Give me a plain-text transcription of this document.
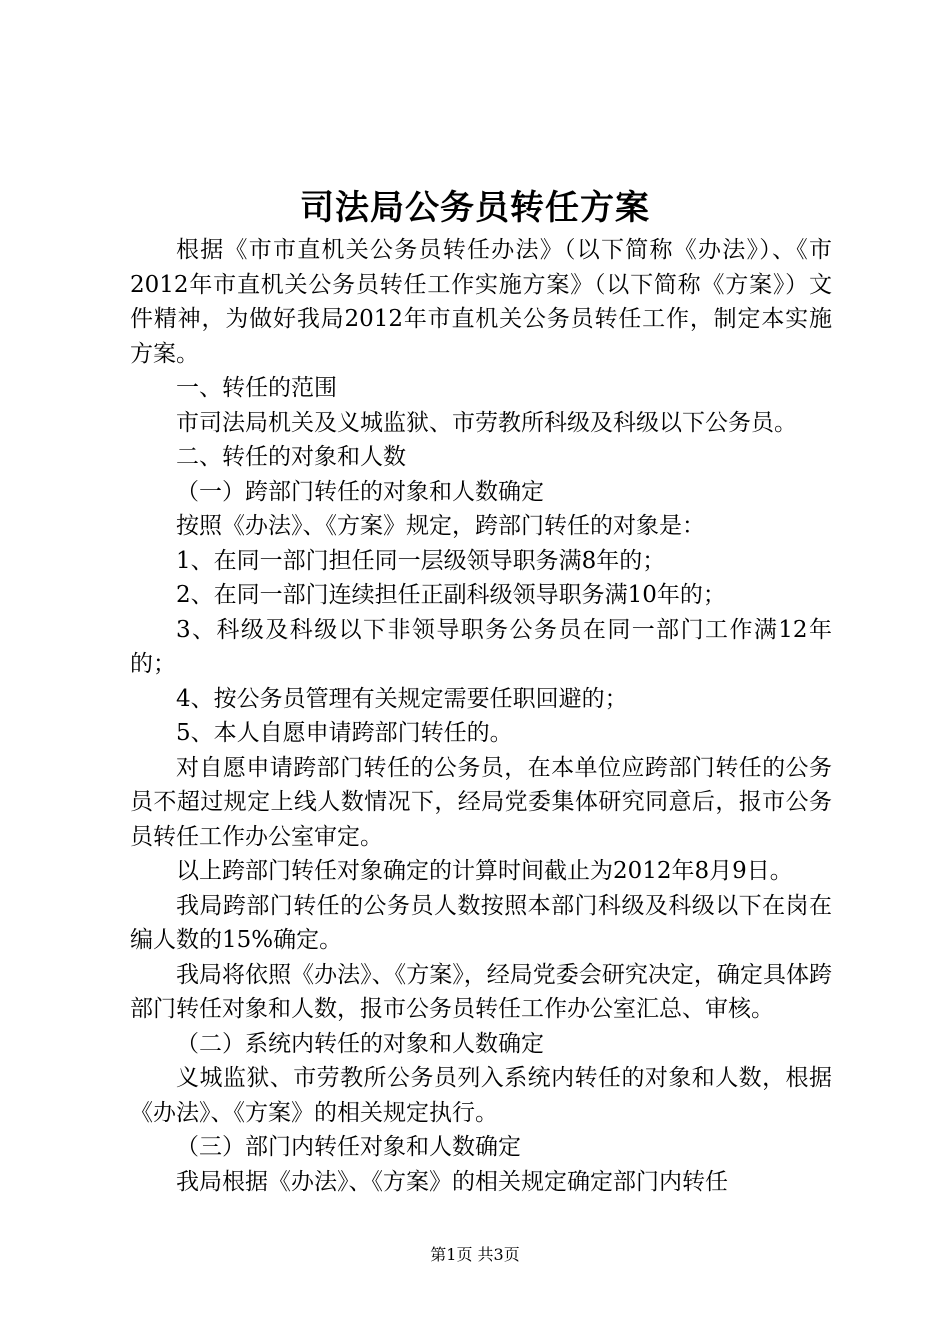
司法局公务员转任方案

根据《市市直机关公务员转任办法》（以下简称《办法》）、《市2012年市直机关公务员转任工作实施方案》（以下简称《方案》）文件精神，为做好我局2012年市直机关公务员转任工作，制定本实施方案。

一、转任的范围

市司法局机关及义城监狱、市劳教所科级及科级以下公务员。

二、转任的对象和人数

（一）跨部门转任的对象和人数确定

按照《办法》、《方案》规定，跨部门转任的对象是：

1、在同一部门担任同一层级领导职务满8年的；

2、在同一部门连续担任正副科级领导职务满10年的；

3、科级及科级以下非领导职务公务员在同一部门工作满12年的；

4、按公务员管理有关规定需要任职回避的；

5、本人自愿申请跨部门转任的。

对自愿申请跨部门转任的公务员，在本单位应跨部门转任的公务员不超过规定上线人数情况下，经局党委集体研究同意后，报市公务员转任工作办公室审定。

以上跨部门转任对象确定的计算时间截止为2012年8月9日。

我局跨部门转任的公务员人数按照本部门科级及科级以下在岗在编人数的15%确定。

我局将依照《办法》、《方案》，经局党委会研究决定，确定具体跨部门转任对象和人数，报市公务员转任工作办公室汇总、审核。

（二）系统内转任的对象和人数确定

义城监狱、市劳教所公务员列入系统内转任的对象和人数，根据《办法》、《方案》的相关规定执行。

（三）部门内转任对象和人数确定

我局根据《办法》、《方案》的相关规定确定部门内转任

第1页 共3页
